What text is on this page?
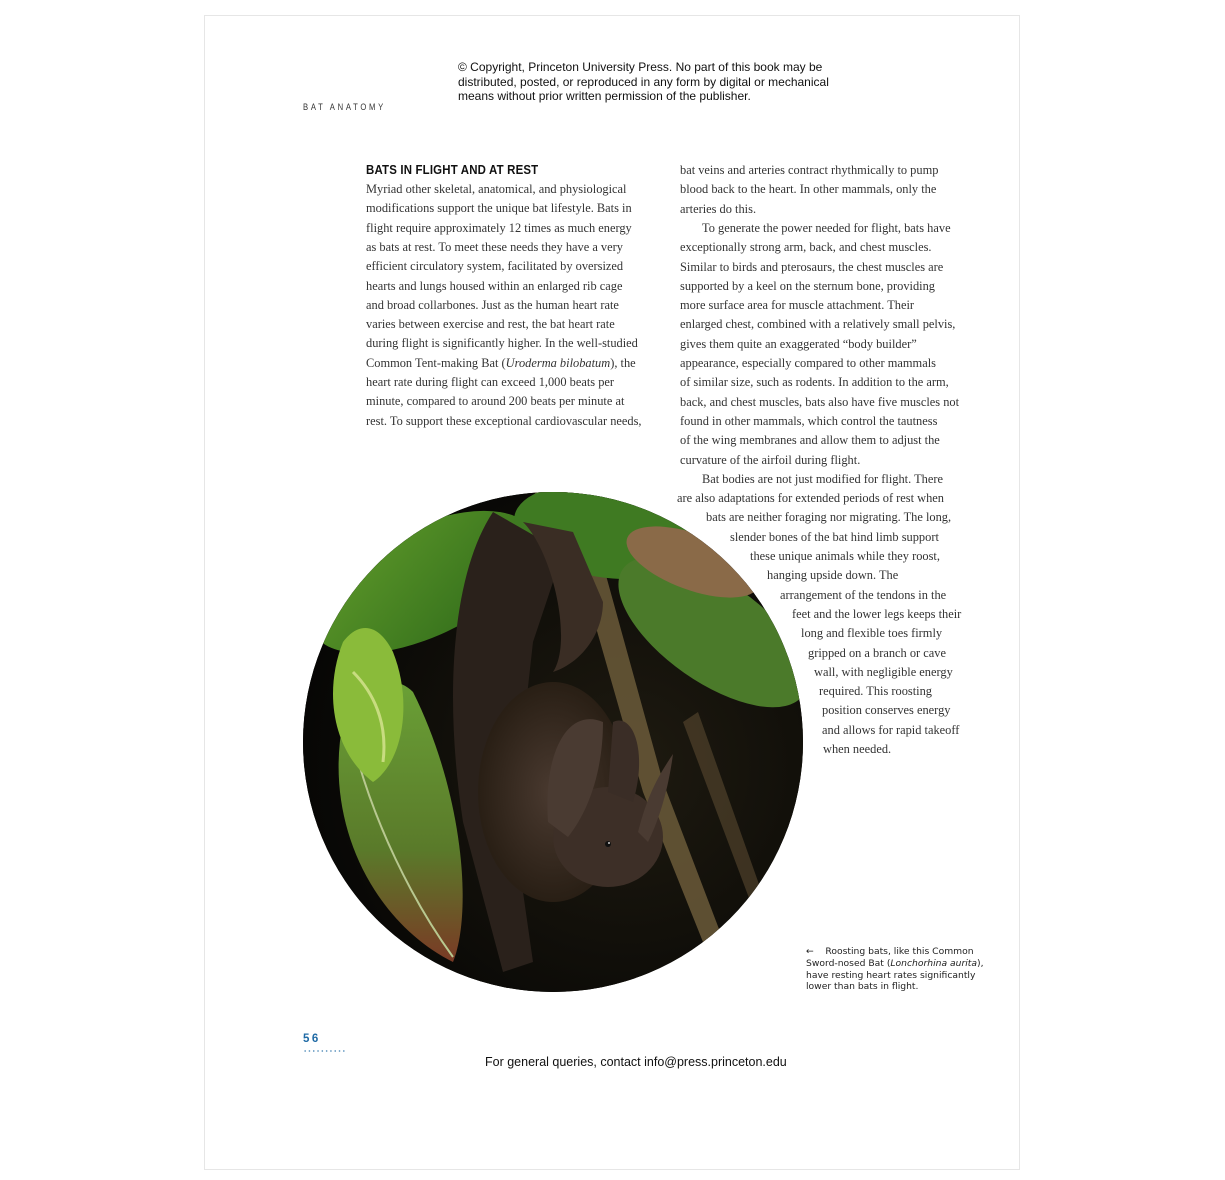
© Copyright, Princeton University Press. No part of this book may be
distributed, posted, or reproduced in any form by digital or mechanical
means without prior written permission of the publisher.
BAT ANATOMY
BATS IN FLIGHT AND AT REST
Myriad other skeletal, anatomical, and physiological
modifications support the unique bat lifestyle. Bats in
flight require approximately 12 times as much energy
as bats at rest. To meet these needs they have a very
efficient circulatory system, facilitated by oversized
hearts and lungs housed within an enlarged rib cage
and broad collarbones. Just as the human heart rate
varies between exercise and rest, the bat heart rate
during flight is significantly higher. In the well-studied
Common Tent-making Bat (Uroderma bilobatum), the
heart rate during flight can exceed 1,000 beats per
minute, compared to around 200 beats per minute at
rest. To support these exceptional cardiovascular needs,
bat veins and arteries contract rhythmically to pump
blood back to the heart. In other mammals, only the
arteries do this.
To generate the power needed for flight, bats have
exceptionally strong arm, back, and chest muscles.
Similar to birds and pterosaurs, the chest muscles are
supported by a keel on the sternum bone, providing
more surface area for muscle attachment. Their
enlarged chest, combined with a relatively small pelvis,
gives them quite an exaggerated “body builder”
appearance, especially compared to other mammals
of similar size, such as rodents. In addition to the arm,
back, and chest muscles, bats also have five muscles not
found in other mammals, which control the tautness
of the wing membranes and allow them to adjust the
curvature of the airfoil during flight.
Bat bodies are not just modified for flight. There
are also adaptations for extended periods of rest when
bats are neither foraging nor migrating. The long,
slender bones of the bat hind limb support
these unique animals while they roost,
hanging upside down. The
arrangement of the tendons in the
feet and the lower legs keeps their
long and flexible toes firmly
gripped on a branch or cave
wall, with negligible energy
required. This roosting
position conserves energy
and allows for rapid takeoff
when needed.
←    Roosting bats, like this Common
Sword-nosed Bat (Lonchorhina aurita),
have resting heart rates significantly
lower than bats in flight.
56
For general queries, contact info@press.princeton.edu
